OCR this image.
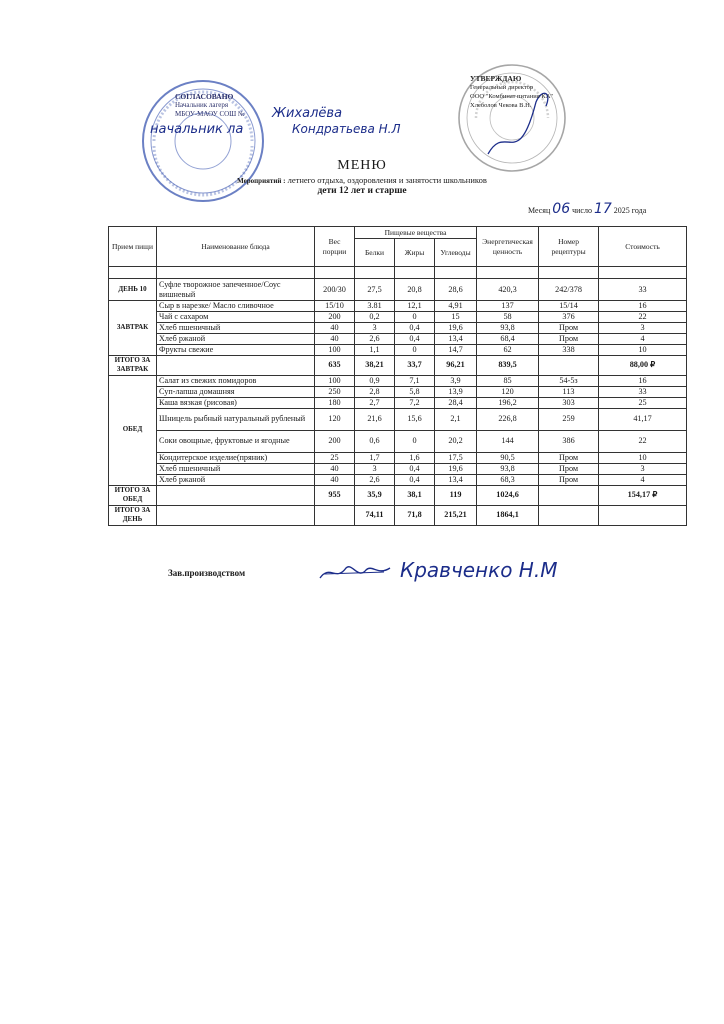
СОГЛАСОВАНО
Начальник лагеря
МБОУ-МАОУ СОШ № Жихалёва
начальник ла	Кондратьева Н.Л
УТВЕРЖДАЮ
Генеральный директор
ООО "Комбинат питания КА"
Хлеболов Чекова В.Н.
МЕНЮ
Мероприятий : летнего отдыха, оздоровления и занятости школьников
дети 12 лет и старше
Месяц 06 число 17 2025 года
Прием пищи	Наименование блюда	Вес порции	Пищевые вещества			Энергетическая ценность	Номер рецептуры	Стоимость
			Белки	Жиры	Углеводы			

ДЕНЬ 10	Суфле творожное запеченное/Соус вишневый	200/30	27,5	20,8	28,6	420,3	242/378	33
ЗАВТРАК	Сыр в нарезке/ Масло сливочное	15/10	3.81	12,1	4,91	137	15/14	16
	Чай с сахаром	200	0,2	0	15	58	376	22
	Хлеб пшеничный	40	3	0,4	19,6	93,8	Пром	3
	Хлеб ржаной	40	2,6	0,4	13,4	68,4	Пром	4
	Фрукты свежие	100	1,1	0	14,7	62	338	10
ИТОГО ЗА ЗАВТРАК		635	38,21	33,7	96,21	839,5		88,00 ₽
ОБЕД	Салат из свежих помидоров	100	0,9	7,1	3,9	85	54-5з	16
	Суп-лапша домашняя	250	2,8	5,8	13,9	120	113	33
	Каша вязкая (рисовая)	180	2,7	7,2	28,4	196,2	303	25
	Шницель рыбный натуральный рубленый	120	21,6	15,6	2,1	226,8	259	41,17
	Соки овощные, фруктовые и ягодные	200	0,6	0	20,2	144	386	22
	Кондитерское изделие(пряник)	25	1,7	1,6	17,5	90,5	Пром	10
	Хлеб пшеничный	40	3	0,4	19,6	93,8	Пром	3
	Хлеб ржаной	40	2,6	0,4	13,4	68,3	Пром	4
ИТОГО ЗА ОБЕД		955	35,9	38,1	119	1024,6		154,17 ₽
ИТОГО ЗА ДЕНЬ			74,11	71,8	215,21	1864,1		
Зав.производством	Кравченко Н.М
